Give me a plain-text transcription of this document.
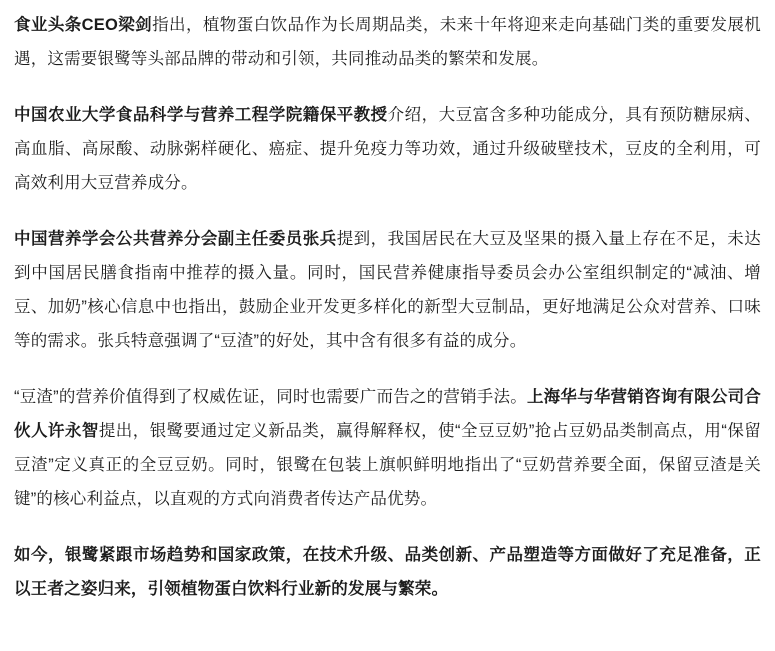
食业头条CEO梁剑指出，植物蛋白饮品作为长周期品类，未来十年将迎来走向基础门类的重要发展机遇，这需要银鹭等头部品牌的带动和引领，共同推动品类的繁荣和发展。

中国农业大学食品科学与营养工程学院籍保平教授介绍，大豆富含多种功能成分，具有预防糖尿病、高血脂、高尿酸、动脉粥样硬化、癌症、提升免疫力等功效，通过升级破壁技术，豆皮的全利用，可高效利用大豆营养成分。

中国营养学会公共营养分会副主任委员张兵提到，我国居民在大豆及坚果的摄入量上存在不足，未达到中国居民膳食指南中推荐的摄入量。同时，国民营养健康指导委员会办公室组织制定的“减油、增豆、加奶”核心信息中也指出，鼓励企业开发更多样化的新型大豆制品，更好地满足公众对营养、口味等的需求。张兵特意强调了“豆渣”的好处，其中含有很多有益的成分。

“豆渣”的营养价值得到了权威佐证，同时也需要广而告之的营销手法。上海华与华营销咨询有限公司合伙人许永智提出，银鹭要通过定义新品类，赢得解释权，使“全豆豆奶”抢占豆奶品类制高点，用“保留豆渣”定义真正的全豆豆奶。同时，银鹭在包装上旗帜鲜明地指出了“豆奶营养要全面，保留豆渣是关键”的核心利益点，以直观的方式向消费者传达产品优势。

如今，银鹭紧跟市场趋势和国家政策，在技术升级、品类创新、产品塑造等方面做好了充足准备，正以王者之姿归来，引领植物蛋白饮料行业新的发展与繁荣。
